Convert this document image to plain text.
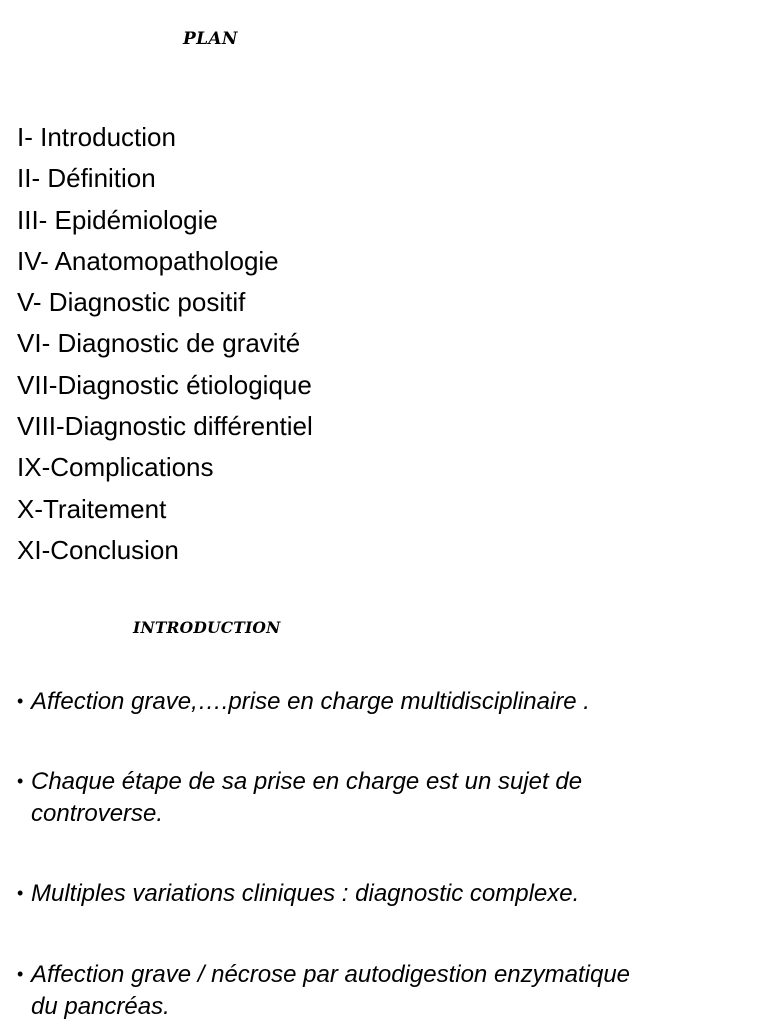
PLAN
I- Introduction
II- Définition
III- Epidémiologie
IV- Anatomopathologie
V- Diagnostic positif
VI- Diagnostic de gravité
VII-Diagnostic étiologique
VIII-Diagnostic différentiel
IX-Complications
X-Traitement
XI-Conclusion
INTRODUCTION
• Affection grave,….prise en charge multidisciplinaire .
• Chaque étape de sa prise en charge est un sujet de
controverse.
• Multiples variations cliniques : diagnostic complexe.
• Affection grave / nécrose par autodigestion enzymatique
du pancréas.
